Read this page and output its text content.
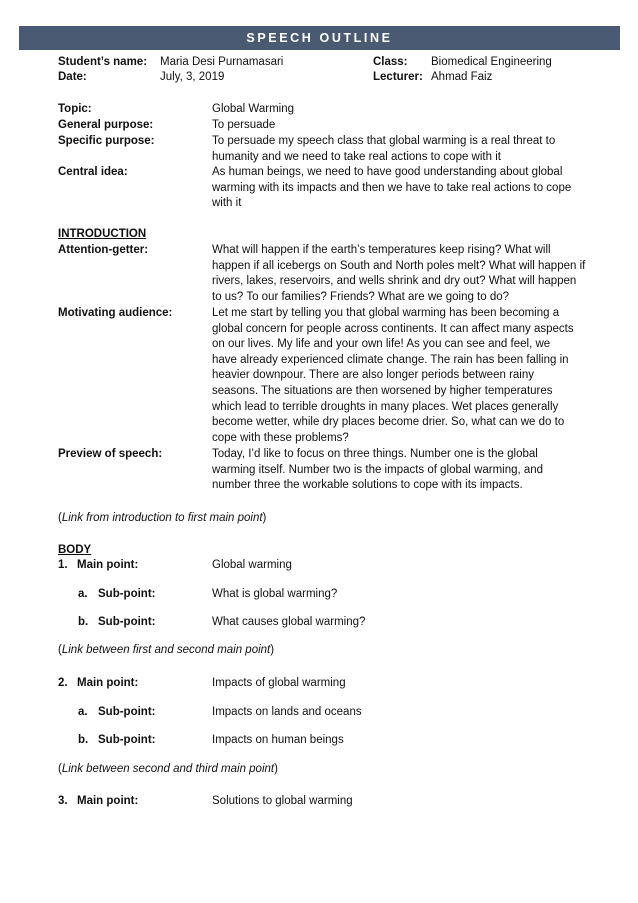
SPEECH OUTLINE
Student’s name: Maria Desi Purnamasari	Class: Biomedical Engineering
Date:	July, 3, 2019	Lecturer: Ahmad Faiz
Topic:	Global Warming
General purpose:	To persuade
Specific purpose:	To persuade my speech class that global warming is a real threat to humanity and we need to take real actions to cope with it
Central idea:	As human beings, we need to have good understanding about global warming with its impacts and then we have to take real actions to cope with it
INTRODUCTION
Attention-getter:	What will happen if the earth’s temperatures keep rising? What will happen if all icebergs on South and North poles melt? What will happen if rivers, lakes, reservoirs, and wells shrink and dry out? What will happen to us? To our families? Friends? What are we going to do?
Motivating audience:	Let me start by telling you that global warming has been becoming a global concern for people across continents. It can affect many aspects on our lives. My life and your own life! As you can see and feel, we have already experienced climate change. The rain has been falling in heavier downpour. There are also longer periods between rainy seasons. The situations are then worsened by higher temperatures which lead to terrible droughts in many places. Wet places generally become wetter, while dry places become drier. So, what can we do to cope with these problems?
Preview of speech:	Today, I’d like to focus on three things. Number one is the global warming itself. Number two is the impacts of global warming, and number three the workable solutions to cope with its impacts.
(Link from introduction to first main point)
BODY
1. Main point:	Global warming
a. Sub-point:	What is global warming?
b. Sub-point:	What causes global warming?
(Link between first and second main point)
2. Main point:	Impacts of global warming
a. Sub-point:	Impacts on lands and oceans
b. Sub-point:	Impacts on human beings
(Link between second and third main point)
3. Main point:	Solutions to global warming
